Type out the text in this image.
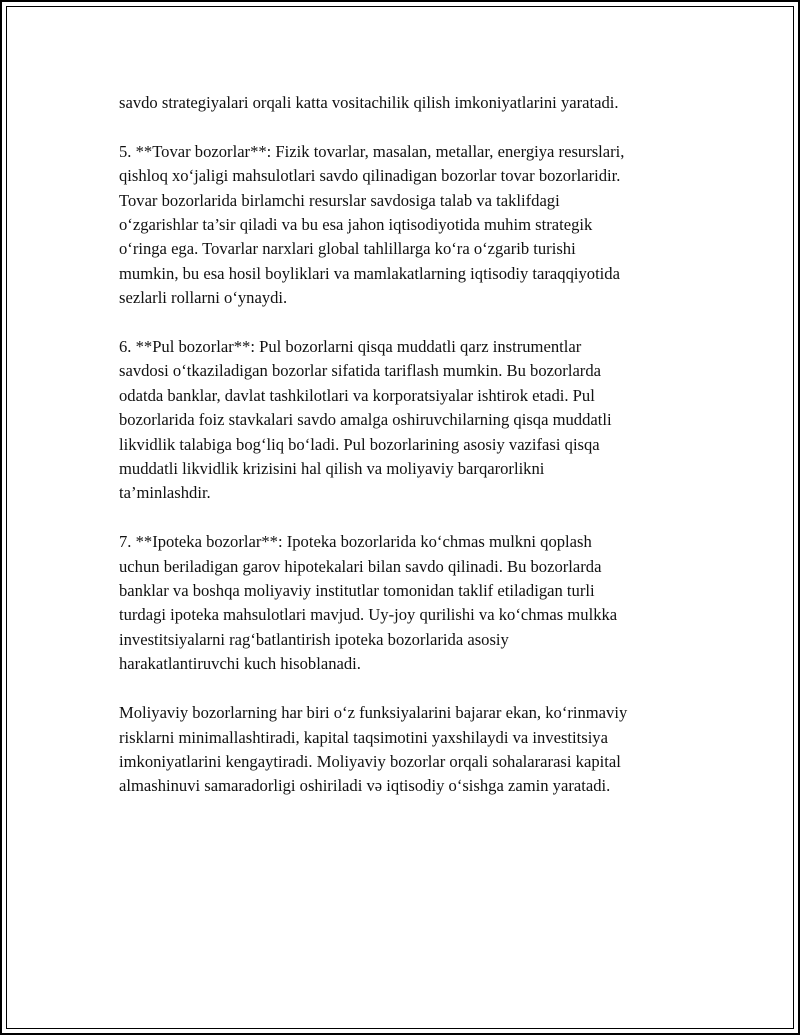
savdo strategiyalari orqali katta vositachilik qilish imkoniyatlarini yaratadi.
5. **Tovar bozorlar**: Fizik tovarlar, masalan, metallar, energiya resurslari,
qishloq xo‘jaligi mahsulotlari savdo qilinadigan bozorlar tovar bozorlaridir.
Tovar bozorlarida birlamchi resurslar savdosiga talab va taklifdagi
o‘zgarishlar ta’sir qiladi va bu esa jahon iqtisodiyotida muhim strategik
o‘ringa ega. Tovarlar narxlari global tahlillarga ko‘ra o‘zgarib turishi
mumkin, bu esa hosil boyliklari va mamlakatlarning iqtisodiy taraqqiyotida
sezlarli rollarni o‘ynaydi.
6. **Pul bozorlar**: Pul bozorlarni qisqa muddatli qarz instrumentlar
savdosi o‘tkaziladigan bozorlar sifatida tariflash mumkin. Bu bozorlarda
odatda banklar, davlat tashkilotlari va korporatsiyalar ishtirok etadi. Pul
bozorlarida foiz stavkalari savdo amalga oshiruvchilarning qisqa muddatli
likvidlik talabiga bog‘liq bo‘ladi. Pul bozorlarining asosiy vazifasi qisqa
muddatli likvidlik krizisini hal qilish va moliyaviy barqarorlikni
ta’minlashdir.
7. **Ipoteka bozorlar**: Ipoteka bozorlarida ko‘chmas mulkni qoplash
uchun beriladigan garov hipotekalari bilan savdo qilinadi. Bu bozorlarda
banklar va boshqa moliyaviy institutlar tomonidan taklif etiladigan turli
turdagi ipoteka mahsulotlari mavjud. Uy-joy qurilishi va ko‘chmas mulkka
investitsiyalarni rag‘batlantirish ipoteka bozorlarida asosiy
harakatlantiruvchi kuch hisoblanadi.
Moliyaviy bozorlarning har biri o‘z funksiyalarini bajarar ekan, ko‘rinmaviy
risklarni minimallashtiradi, kapital taqsimotini yaxshilaydi va investitsiya
imkoniyatlarini kengaytiradi. Moliyaviy bozorlar orqali sohalararasi kapital
almashinuvi samaradorligi oshiriladi və iqtisodiy o‘sishga zamin yaratadi.
